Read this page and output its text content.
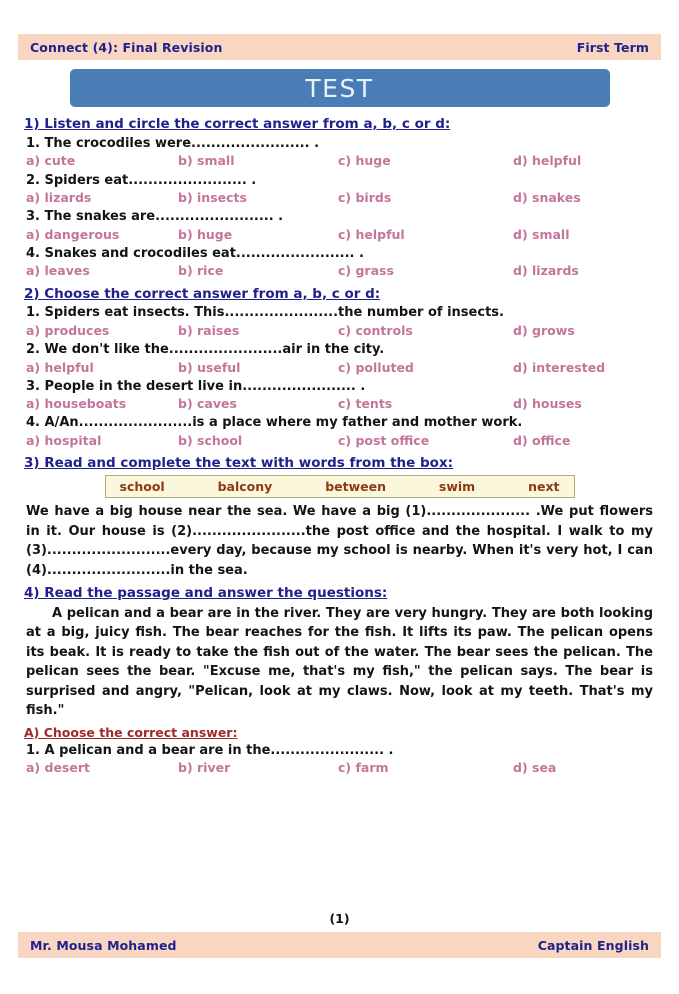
Connect (4): Final Revision	First Term
TEST
1) Listen and circle the correct answer from a, b, c or d:
1. The crocodiles were........................ .
a) cute	b) small	c) huge	d) helpful
2. Spiders eat........................ .
a) lizards	b) insects	c) birds	d) snakes
3. The snakes are........................ .
a) dangerous	b) huge	c) helpful	d) small
4. Snakes and crocodiles eat........................ .
a) leaves	b) rice	c) grass	d) lizards
2) Choose the correct answer from a, b, c or d:
1. Spiders eat insects. This.......................the number of insects.
a) produces	b) raises	c) controls	d) grows
2. We don't like the.......................air in the city.
a) helpful	b) useful	c) polluted	d) interested
3. People in the desert live in....................... .
a) houseboats	b) caves	c) tents	d) houses
4. A/An.......................is a place where my father and mother work.
a) hospital	b) school	c) post office	d) office
3) Read and complete the text with words from the box:
school	balcony	between	swim	next
We have a big house near the sea. We have a big (1)..................... .We put flowers in it. Our house is (2).......................the post office and the hospital. I walk to my (3).........................every day, because my school is nearby. When it's very hot, I can (4).........................in the sea.
4) Read the passage and answer the questions:
A pelican and a bear are in the river. They are very hungry. They are both looking at a big, juicy fish. The bear reaches for the fish. It lifts its paw. The pelican opens its beak. It is ready to take the fish out of the water. The bear sees the pelican. The pelican sees the bear. "Excuse me, that's my fish," the pelican says. The bear is surprised and angry, "Pelican, look at my claws. Now, look at my teeth. That's my fish."
A) Choose the correct answer:
1. A pelican and a bear are in the....................... .
a) desert	b) river	c) farm	d) sea
(1)
Mr. Mousa Mohamed	Captain English
